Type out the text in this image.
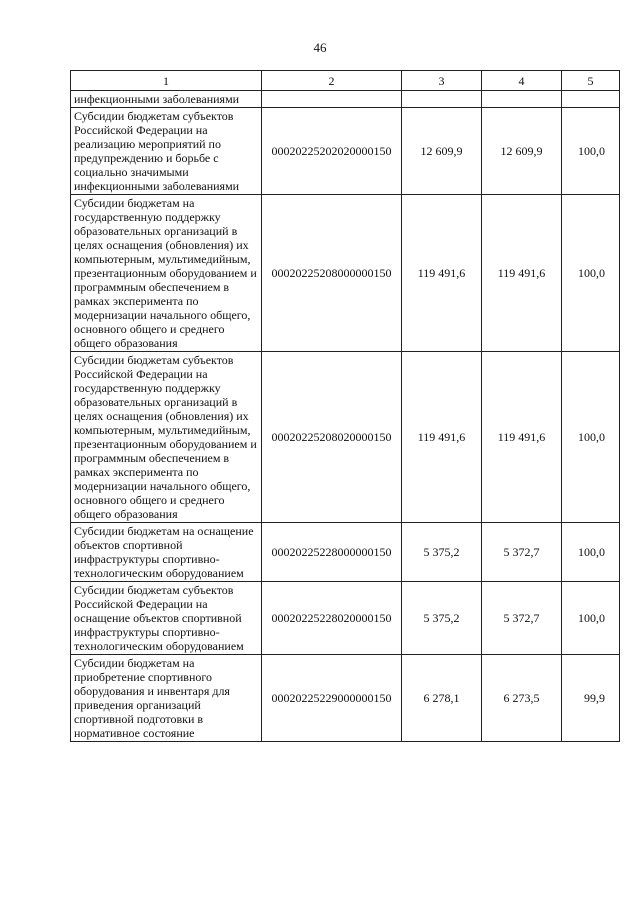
46
1	2	3	4	5
инфекционными заболеваниями				
Субсидии бюджетам субъектов Российской Федерации на реализацию мероприятий по предупреждению и борьбе с социально значимыми инфекционными заболеваниями	00020225202020000150	12 609,9	12 609,9	100,0
Субсидии бюджетам на государственную поддержку образовательных организаций в целях оснащения (обновления) их компьютерным, мультимедийным, презентационным оборудованием и программным обеспечением в рамках эксперимента по модернизации начального общего, основного общего и среднего общего образования	00020225208000000150	119 491,6	119 491,6	100,0
Субсидии бюджетам субъектов Российской Федерации на государственную поддержку образовательных организаций в целях оснащения (обновления) их компьютерным, мультимедийным, презентационным оборудованием и программным обеспечением в рамках эксперимента по модернизации начального общего, основного общего и среднего общего образования	00020225208020000150	119 491,6	119 491,6	100,0
Субсидии бюджетам на оснащение объектов спортивной инфраструктуры спортивно-технологическим оборудованием	00020225228000000150	5 375,2	5 372,7	100,0
Субсидии бюджетам субъектов Российской Федерации на оснащение объектов спортивной инфраструктуры спортивно-технологическим оборудованием	00020225228020000150	5 375,2	5 372,7	100,0
Субсидии бюджетам на приобретение спортивного оборудования и инвентаря для приведения организаций спортивной подготовки в нормативное состояние	00020225229000000150	6 278,1	6 273,5	99,9
